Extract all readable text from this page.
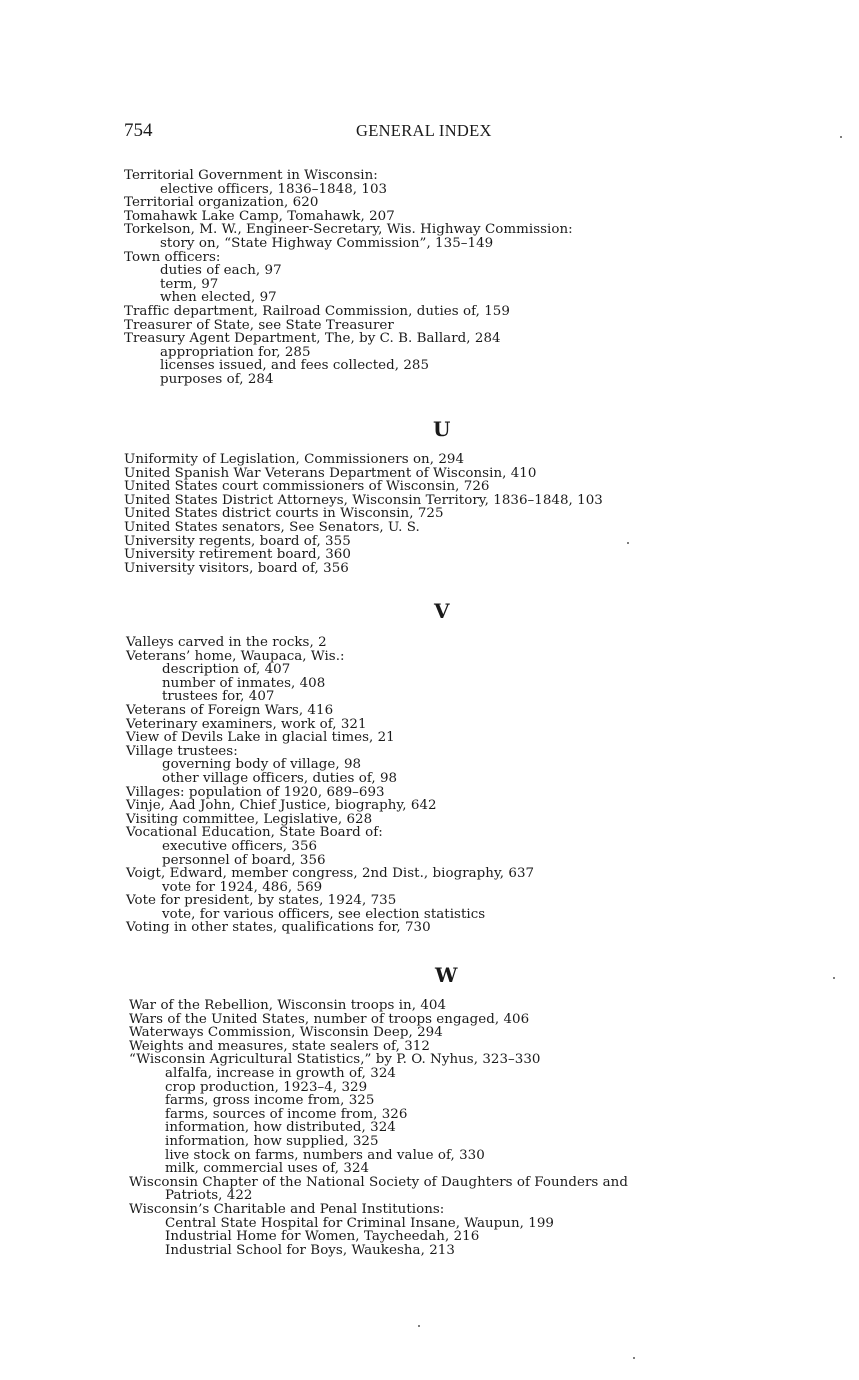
754	GENERAL INDEX
Territorial Government in Wisconsin:
elective officers, 1836–1848, 103
Territorial organization, 620
Tomahawk Lake Camp, Tomahawk, 207
Torkelson, M. W., Engineer-Secretary, Wis. Highway Commission:
story on, “State Highway Commission”, 135–149
Town officers:
duties of each, 97
term, 97
when elected, 97
Traffic department, Railroad Commission, duties of, 159
Treasurer of State, see State Treasurer
Treasury Agent Department, The, by C. B. Ballard, 284
appropriation for, 285
licenses issued, and fees collected, 285
purposes of, 284
U
Uniformity of Legislation, Commissioners on, 294
United Spanish War Veterans Department of Wisconsin, 410
United States court commissioners of Wisconsin, 726
United States District Attorneys, Wisconsin Territory, 1836–1848, 103
United States district courts in Wisconsin, 725
United States senators, See Senators, U. S.
University regents, board of, 355
University retirement board, 360
University visitors, board of, 356
V
Valleys carved in the rocks, 2
Veterans’ home, Waupaca, Wis.:
description of, 407
number of inmates, 408
trustees for, 407
Veterans of Foreign Wars, 416
Veterinary examiners, work of, 321
View of Devils Lake in glacial times, 21
Village trustees:
governing body of village, 98
other village officers, duties of, 98
Villages: population of 1920, 689–693
Vinje, Aad John, Chief Justice, biography, 642
Visiting committee, Legislative, 628
Vocational Education, State Board of:
executive officers, 356
personnel of board, 356
Voigt, Edward, member congress, 2nd Dist., biography, 637
vote for 1924, 486, 569
Vote for president, by states, 1924, 735
vote, for various officers, see election statistics
Voting in other states, qualifications for, 730
W
War of the Rebellion, Wisconsin troops in, 404
Wars of the United States, number of troops engaged, 406
Waterways Commission, Wisconsin Deep, 294
Weights and measures, state sealers of, 312
“Wisconsin Agricultural Statistics,” by P. O. Nyhus, 323–330
alfalfa, increase in growth of, 324
crop production, 1923–4, 329
farms, gross income from, 325
farms, sources of income from, 326
information, how distributed, 324
information, how supplied, 325
live stock on farms, numbers and value of, 330
milk, commercial uses of, 324
Wisconsin Chapter of the National Society of Daughters of Founders and
Patriots, 422
Wisconsin’s Charitable and Penal Institutions:
Central State Hospital for Criminal Insane, Waupun, 199
Industrial Home for Women, Taycheedah, 216
Industrial School for Boys, Waukesha, 213
